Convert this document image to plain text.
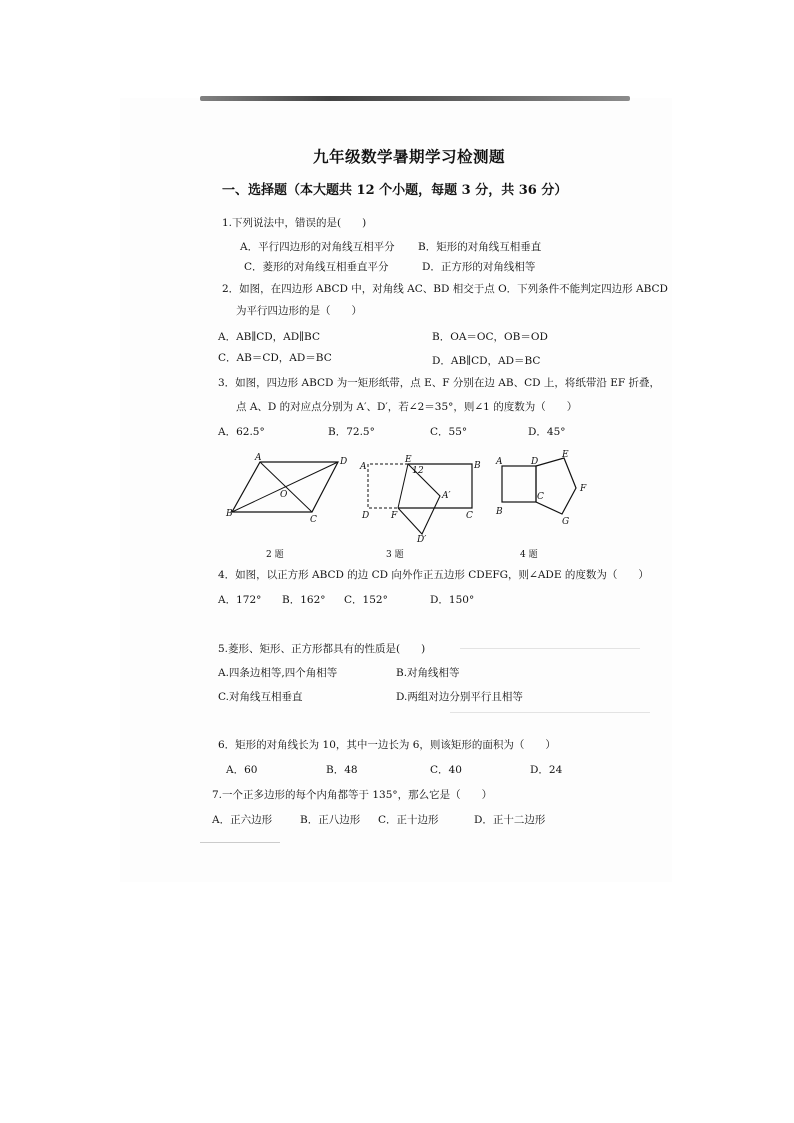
九年级数学暑期学习检测题
一、选择题（本大题共 12 个小题，每题 3 分，共 36 分）
1.下列说法中，错误的是(　　)
A．平行四边形的对角线互相平分 B．矩形的对角线互相垂直
C．菱形的对角线互相垂直平分	D．正方形的对角线相等
2．如图，在四边形 ABCD 中，对角线 AC、BD 相交于点 O．下列条件不能判定四边形 ABCD
为平行四边形的是（　　）
A．AB∥CD，AD∥BC	B．OA＝OC，OB＝OD
C．AB＝CD，AD＝BC	D．AB∥CD，AD＝BC
3．如图，四边形 ABCD 为一矩形纸带，点 E、F 分别在边 AB、CD 上，将纸带沿 EF 折叠，
点 A、D 的对应点分别为 A′、D′，若∠2＝35°，则∠1 的度数为（　　）
A．62.5°	B．72.5°	C．55°	D．45°
A	D
O
B
C
A
E
1 2	B
A′
D F	C
D′
A	D
E
F
B
C
G
2 题	3 题	4 题
4．如图，以正方形 ABCD 的边 CD 向外作正五边形 CDEFG，则∠ADE 的度数为（　　）
A．172° B．162° C．152°	D．150°
5.菱形、矩形、正方形都具有的性质是(　　)
A.四条边相等,四个角相等	B.对角线相等
C.对角线互相垂直	D.两组对边分别平行且相等
6．矩形的对角线长为 10，其中一边长为 6，则该矩形的面积为（　　）
A．60	B．48	C．40	D．24
7.一个正多边形的每个内角都等于 135°，那么它是（　　）
A．正六边形	B．正八边形 C．正十边形	D．正十二边形
